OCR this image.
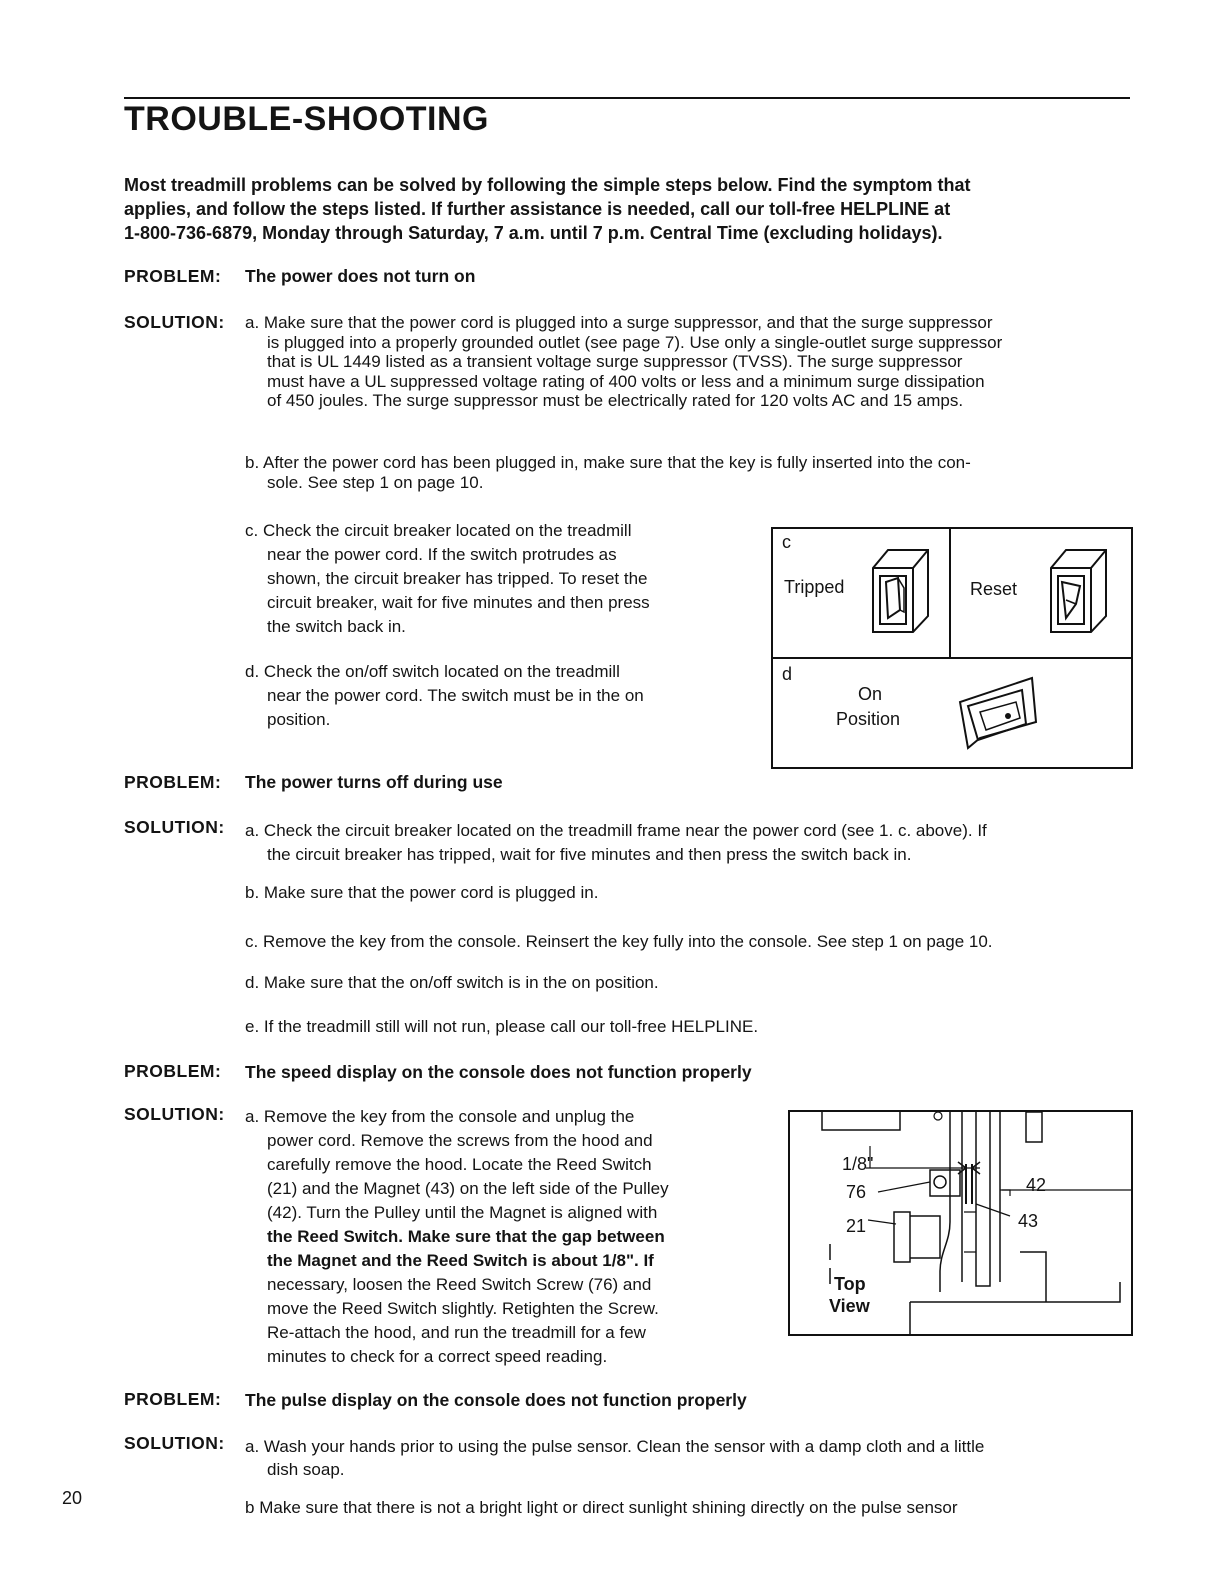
TROUBLE-SHOOTING

Most treadmill problems can be solved by following the simple steps below. Find the symptom that

applies, and follow the steps listed. If further assistance is needed, call our toll-free HELPLINE at

1-800-736-6879, Monday through Saturday, 7 a.m. until 7 p.m. Central Time (excluding holidays).

PROBLEM: The power does not turn on
SOLUTION: a. Make sure that the power cord is plugged into a surge suppressor, and that the surge suppressor
is plugged into a properly grounded outlet (see page 7). Use only a single-outlet surge suppressor
that is UL 1449 listed as a transient voltage surge suppressor (TVSS). The surge suppressor
must have a UL suppressed voltage rating of 400 volts or less and a minimum surge dissipation
of 450 joules. The surge suppressor must be electrically rated for 120 volts AC and 15 amps.
b. After the power cord has been plugged in, make sure that the key is fully inserted into the con-
sole. See step 1 on page 10.
c. Check the circuit breaker located on the treadmill
near the power cord. If the switch protrudes as
shown, the circuit breaker has tripped. To reset the
circuit breaker, wait for five minutes and then press
the switch back in.
d. Check the on/off switch located on the treadmill
near the power cord. The switch must be in the on
position.
c
Tripped	Reset
d
On
Position
PROBLEM: The power turns off during use
SOLUTION: a. Check the circuit breaker located on the treadmill frame near the power cord (see 1. c. above). If
the circuit breaker has tripped, wait for five minutes and then press the switch back in.
b. Make sure that the power cord is plugged in.
c. Remove the key from the console. Reinsert the key fully into the console. See step 1 on page 10.
d. Make sure that the on/off switch is in the on position.
e. If the treadmill still will not run, please call our toll-free HELPLINE.
PROBLEM: The speed display on the console does not function properly
SOLUTION: a. Remove the key from the console and unplug the
power cord. Remove the screws from the hood and
carefully remove the hood. Locate the Reed Switch
(21) and the Magnet (43) on the left side of the Pulley
(42). Turn the Pulley until the Magnet is aligned with
the Reed Switch. Make sure that the gap between
the Magnet and the Reed Switch is about 1/8". If
necessary, loosen the Reed Switch Screw (76) and
move the Reed Switch slightly. Retighten the Screw.
Re-attach the hood, and run the treadmill for a few
minutes to check for a correct speed reading.
1/8"
76	42
43
21
Top
View
PROBLEM: The pulse display on the console does not function properly
SOLUTION: a. Wash your hands prior to using the pulse sensor. Clean the sensor with a damp cloth and a little
dish soap.
b Make sure that there is not a bright light or direct sunlight shining directly on the pulse sensor
20
